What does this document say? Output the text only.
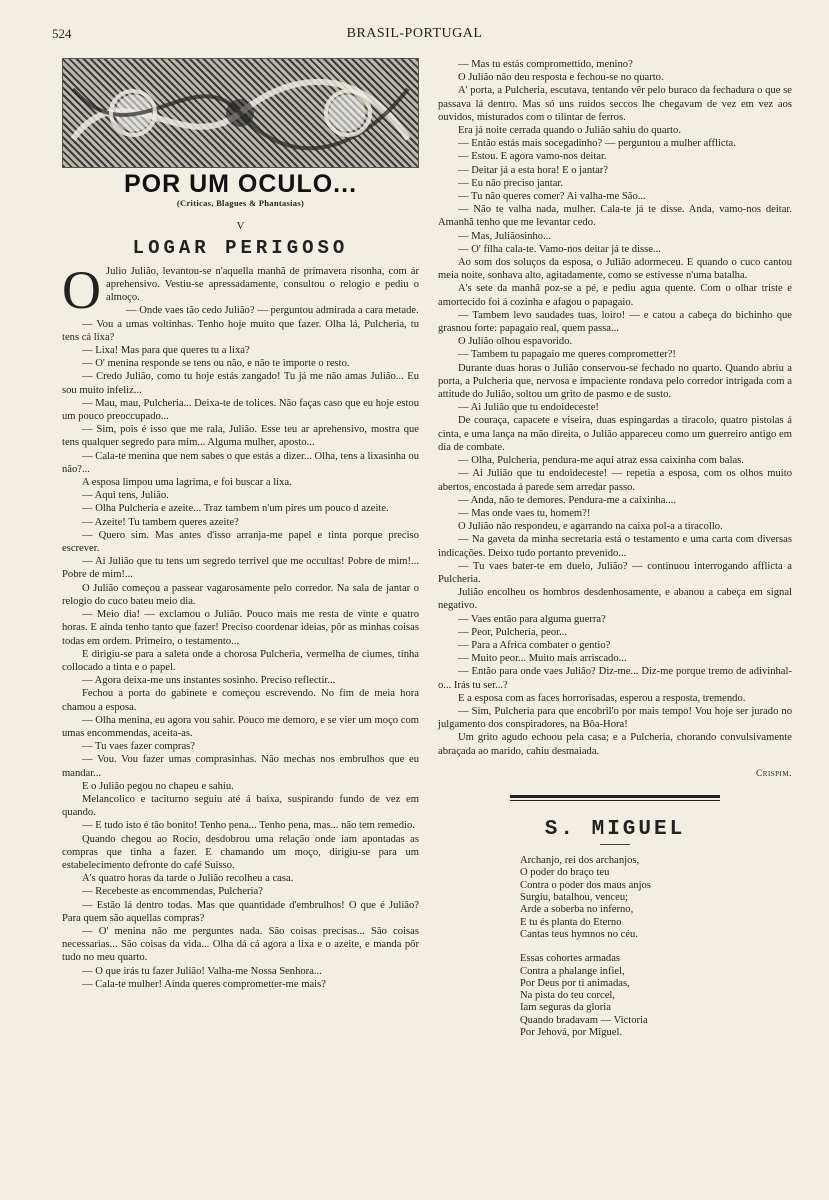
524	BRASIL-PORTUGAL
POR UM OCULO...
(Criticas, Blagues & Phantasias)
V
LOGAR PERIGOSO

O Julio Julião, levantou-se n'aquella manhã de primavera risonha, com ár aprehensivo. Vestiu-se apressadamente, consultou o relogio e pediu o almoço.

— Onde vaes tão cedo Julião? — perguntou admirada a cara metade.

— Vou a umas voltinhas. Tenho hoje muito que fazer. Olha lá, Pulcheria, tu tens cá lixa?

— Lixa! Mas para que queres tu a lixa?

— O' menina responde se tens ou não, e não te importe o resto.

— Credo Julião, como tu hoje estás zangado! Tu já me não amas Julião... Eu sou muito infeliz...

— Mau, mau, Pulcheria... Deixa-te de tolices. Não faças caso que eu hoje estou um pouco preoccupado...

— Sim, pois é isso que me rala, Julião. Esse teu ar aprehensivo, mostra que tens qualquer segredo para mim... Alguma mulher, aposto...

— Cala-te menina que nem sabes o que estás a dizer... Olha, tens a lixasinha ou não?...

A esposa limpou uma lagrima, e foi buscar a lixa.

— Aqui tens, Julião.

— Olha Pulcheria e azeite... Traz tambem n'um pires um pouco d azeite.

— Azeite! Tu tambem queres azeite?

— Quero sim. Mas antes d'isso arranja-me papel e tinta porque preciso escrever.

— Ai Julião que tu tens um segredo terrivel que me occultas! Pobre de mim!... Pobre de mim!...

O Julião começou a passear vagarosamente pelo corredor. Na sala de jantar o relogio do cuco bateu meio dia.

— Meio dia! — exclamou o Julião. Pouco mais me resta de vinte e quatro horas. E ainda tenho tanto que fazer! Preciso coordenar ideias, pôr as minhas coisas todas em ordem. Primeiro, o testamento...

E dirigiu-se para a saleta onde a chorosa Pulcheria, vermelha de ciumes, tinha collocado a tinta e o papel.

— Agora deixa-me uns instantes sosinho. Preciso reflectir...

Fechou a porta do gabinete e começou escrevendo. No fim de meia hora chamou a esposa.

— Olha menina, eu agora vou sahir. Pouco me demoro, e se vier um moço com umas encommendas, aceita-as.

— Tu vaes fazer compras?

— Vou. Vou fazer umas comprasinhas. Não mechas nos embrulhos que eu mandar...

E o Julião pegou no chapeu e sahiu.

Melancolico e taciturno seguiu até á baixa, suspirando fundo de vez em quando.

— E tudo isto é tão bonito! Tenho pena... Tenho pena, mas... não tem remedio.

Quando chegou ao Rocio, desdobrou uma relação onde iam apontadas as compras que tinha a fazer. E chamando um moço, dirigiu-se para um estabelecimento defronte do café Suisso.

A's quatro horas da tarde o Julião recolheu a casa.

— Recebeste as encommendas, Pulcheria?

— Estão lá dentro todas. Mas que quantidade d'embrulhos! O que é Julião? Para quem são aquellas compras?

— O' menina não me perguntes nada. São coisas precisas... São coisas necessarias... São coisas da vida... Olha dá cá agora a lixa e o azeite, e manda pôr tudo no meu quarto.

— O que irás tu fazer Julião! Valha-me Nossa Senhora...

— Cala-te mulher! Ainda queres comprometter-me mais?

— Mas tu estás compromettido, menino?

O Julião não deu resposta e fechou-se no quarto.

A' porta, a Pulcheria, escutava, tentando vêr pelo buraco da fechadura o que se passava lá dentro. Mas só uns ruidos seccos lhe chegavam de vez em vez aos ouvidos, misturados com o tilintar de ferros.

Era já noite cerrada quando o Julião sahiu do quarto.

— Então estás mais socegadinho? — perguntou a mulher afflicta.

— Estou. E agora vamo-nos deitar.

— Deitar já a esta hora! E o jantar?

— Eu não preciso jantar.

— Tu não queres comer? Ai valha-me São...

— Não te valha nada, mulher. Cala-te já te disse. Anda, vamo-nos deitar. Amanhã tenho que me levantar cedo.

— Mas, Juliãosinho...

— O' filha cala-te. Vamo-nos deitar já te disse...

Ao som dos soluços da esposa, o Julião adormeceu. E quando o cuco cantou meia noite, sonhava alto, agitadamente, como se estivesse n'uma batalha.

A's sete da manhã poz-se a pé, e pediu agua quente. Com o olhar triste e amortecido foi á cozinha e afagou o papagaio.

— Tambem levo saudades tuas, loiro! — e catou a cabeça do bichinho que grasnou forte: papagaio real, quem passa...

O Julião olhou espavorido.

— Tambem tu papagaio me queres comprometter?!

Durante duas horas o Julião conservou-se fechado no quarto. Quando abriu a porta, a Pulcheria que, nervosa e impaciente rondava pelo corredor intrigada com a attitude do Julião, soltou um grito de pasmo e de susto.

— Ai Julião que tu endoideceste!

De couraça, capacete e viseira, duas espingardas a tiracolo, quatro pistolas á cinta, e uma lança na mão direita, o Julião appareceu como um guerreiro antigo em dia de combate.

— Olha, Pulcheria, pendura-me aqui atraz essa caixinha com balas.

— Ai Julião que tu endoideceste! — repetia a esposa, com os olhos muito abertos, encostada á parede sem arredar passo.

— Anda, não te demores. Pendura-me a caixinha....

— Mas onde vaes tu, homem?!

O Julião não respondeu, e agarrando na caixa pol-a a tiracollo.

— Na gaveta da minha secretaria está o testamento e uma carta com diversas indicações. Deixo tudo portanto prevenido...

— Tu vaes bater-te em duelo, Julião? — continuou interrogando afflicta a Pulcheria.

Julião encolheu os hombros desdenhosamente, e abanou a cabeça em signal negativo.

— Vaes então para alguma guerra?

— Peor, Pulcheria, peor...

— Para a Africa combater o gentio?

— Muito peor... Muito mais arriscado...

— Então para onde vaes Julião? Diz-me... Diz-me porque tremo de adivinhal-o... Irás tu ser...?

E a esposa com as faces horrorisadas, esperou a resposta, tremendo.

— Sim, Pulcheria para que encobril'o por mais tempo! Vou hoje ser jurado no julgamento dos conspiradores, na Bôa-Hora!

Um grito agudo echoou pela casa; e a Pulcheria, chorando convulsivamente abraçada ao marido, cahiu desmaiada.

Crispim.
S. MIGUEL
Archanjo, rei dos archanjos,
O poder do braço teu
Contra o poder dos maus anjos
Surgiu, batalhou, venceu;
Arde a soberba no inferno,
E tu és planta do Eterno
Cantas teus hymnos no céu.
Essas cohortes armadas
Contra a phalange infiel,
Por Deus por ti animadas,
Na pista do teu corcel,
Iam seguras da gloria
Quando bradavam — Victoria
Por Jehová, por Miguel.
